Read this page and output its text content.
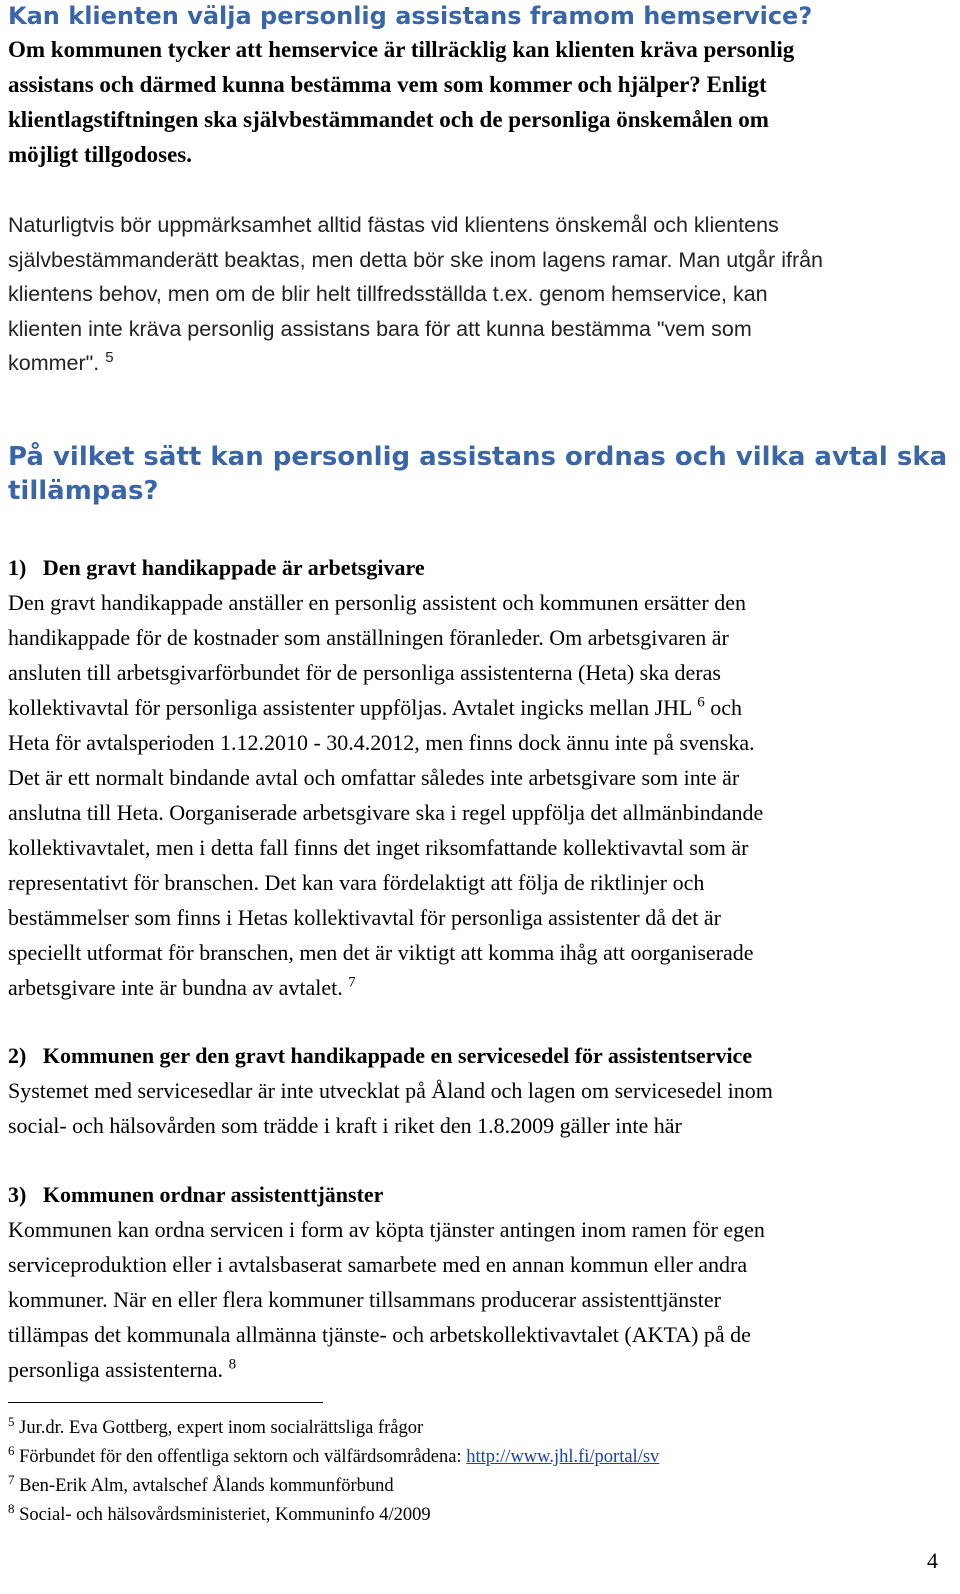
Kan klienten välja personlig assistans framom hemservice?

Om kommunen tycker att hemservice är tillräcklig kan klienten kräva personlig
assistans och därmed kunna bestämma vem som kommer och hjälper? Enligt
klientlagstiftningen ska självbestämmandet och de personliga önskemålen om
möjligt tillgodoses.

Naturligtvis bör uppmärksamhet alltid fästas vid klientens önskemål och klientens
självbestämmanderätt beaktas, men detta bör ske inom lagens ramar. Man utgår ifrån
klientens behov, men om de blir helt tillfredsställda t.ex. genom hemservice, kan
klienten inte kräva personlig assistans bara för att kunna bestämma "vem som
kommer". $^5$

På vilket sätt kan personlig assistans ordnas och vilka avtal ska
tillämpas?

1)   Den gravt handikappade är arbetsgivare

Den gravt handikappade anställer en personlig assistent och kommunen ersätter den
handikappade för de kostnader som anställningen föranleder. Om arbetsgivaren är
ansluten till arbetsgivarförbundet för de personliga assistenterna (Heta) ska deras
kollektivavtal för personliga assistenter uppföljas. Avtalet ingicks mellan JHL $^6$ och
Heta för avtalsperioden 1.12.2010 - 30.4.2012, men finns dock ännu inte på svenska.
Det är ett normalt bindande avtal och omfattar således inte arbetsgivare som inte är
anslutna till Heta. Oorganiserade arbetsgivare ska i regel uppfölja det allmänbindande
kollektivavtalet, men i detta fall finns det inget riksomfattande kollektivavtal som är
representativt för branschen. Det kan vara fördelaktigt att följa de riktlinjer och
bestämmelser som finns i Hetas kollektivavtal för personliga assistenter då det är
speciellt utformat för branschen, men det är viktigt att komma ihåg att oorganiserade
arbetsgivare inte är bundna av avtalet. $^7$

2)   Kommunen ger den gravt handikappade en servicesedel för assistentservice

Systemet med servicesedlar är inte utvecklat på Åland och lagen om servicesedel inom
social- och hälsovården som trädde i kraft i riket den 1.8.2009 gäller inte här

3)   Kommunen ordnar assistenttjänster

Kommunen kan ordna servicen i form av köpta tjänster antingen inom ramen för egen
serviceproduktion eller i avtalsbaserat samarbete med en annan kommun eller andra
kommuner. När en eller flera kommuner tillsammans producerar assistenttjänster
tillämpas det kommunala allmänna tjänste- och arbetskollektivavtalet (AKTA) på de
personliga assistenterna. $^8$

$^5$ Jur.dr. Eva Gottberg, expert inom socialrättsliga frågor

$^6$ Förbundet för den offentliga sektorn och välfärdsområdena: http://www.jhl.fi/portal/sv

$^7$ Ben-Erik Alm, avtalschef Ålands kommunförbund

$^8$ Social- och hälsovårdsministeriet, Kommuninfo 4/2009

4
